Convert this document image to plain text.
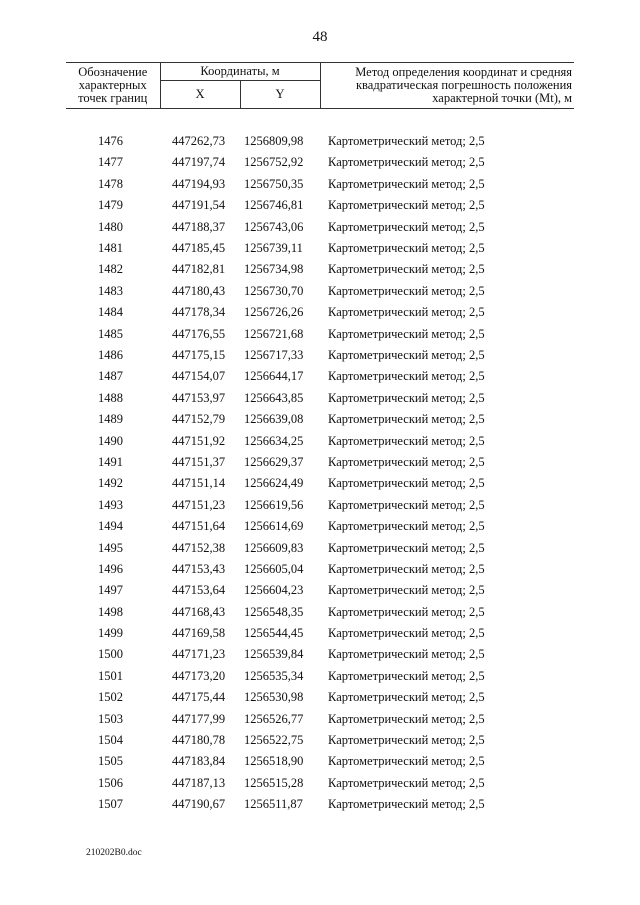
48
Обозначение характерных точек границ	Координаты, м		Метод определения координат и средняя квадратическая погрешность положения характерной точки (Mt), м
	X	Y	

1476	447262,73	1256809,98	Картометрический метод; 2,5
1477	447197,74	1256752,92	Картометрический метод; 2,5
1478	447194,93	1256750,35	Картометрический метод; 2,5
1479	447191,54	1256746,81	Картометрический метод; 2,5
1480	447188,37	1256743,06	Картометрический метод; 2,5
1481	447185,45	1256739,11	Картометрический метод; 2,5
1482	447182,81	1256734,98	Картометрический метод; 2,5
1483	447180,43	1256730,70	Картометрический метод; 2,5
1484	447178,34	1256726,26	Картометрический метод; 2,5
1485	447176,55	1256721,68	Картометрический метод; 2,5
1486	447175,15	1256717,33	Картометрический метод; 2,5
1487	447154,07	1256644,17	Картометрический метод; 2,5
1488	447153,97	1256643,85	Картометрический метод; 2,5
1489	447152,79	1256639,08	Картометрический метод; 2,5
1490	447151,92	1256634,25	Картометрический метод; 2,5
1491	447151,37	1256629,37	Картометрический метод; 2,5
1492	447151,14	1256624,49	Картометрический метод; 2,5
1493	447151,23	1256619,56	Картометрический метод; 2,5
1494	447151,64	1256614,69	Картометрический метод; 2,5
1495	447152,38	1256609,83	Картометрический метод; 2,5
1496	447153,43	1256605,04	Картометрический метод; 2,5
1497	447153,64	1256604,23	Картометрический метод; 2,5
1498	447168,43	1256548,35	Картометрический метод; 2,5
1499	447169,58	1256544,45	Картометрический метод; 2,5
1500	447171,23	1256539,84	Картометрический метод; 2,5
1501	447173,20	1256535,34	Картометрический метод; 2,5
1502	447175,44	1256530,98	Картометрический метод; 2,5
1503	447177,99	1256526,77	Картометрический метод; 2,5
1504	447180,78	1256522,75	Картометрический метод; 2,5
1505	447183,84	1256518,90	Картометрический метод; 2,5
1506	447187,13	1256515,28	Картометрический метод; 2,5
1507	447190,67	1256511,87	Картометрический метод; 2,5
210202B0.doc
